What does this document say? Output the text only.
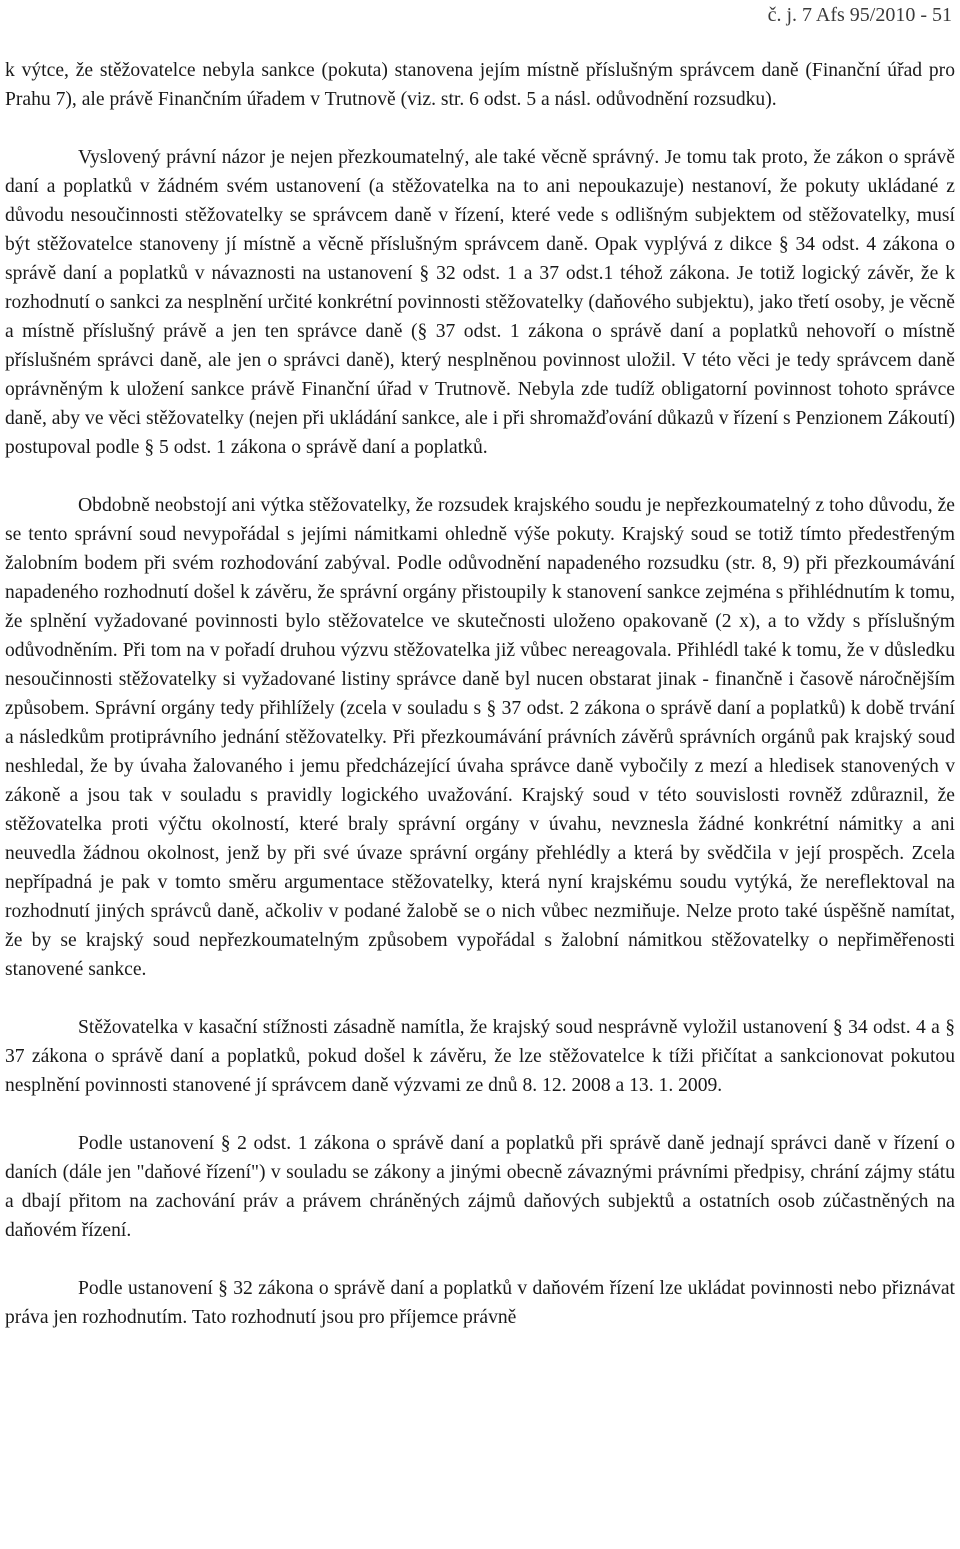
č. j. 7 Afs 95/2010 - 51

k výtce, že stěžovatelce nebyla sankce (pokuta) stanovena jejím místně příslušným správcem daně (Finanční úřad pro Prahu 7), ale právě Finančním úřadem v Trutnově (viz. str. 6 odst. 5 a násl. odůvodnění rozsudku).

Vyslovený právní názor je nejen přezkoumatelný, ale také věcně správný. Je tomu tak proto, že zákon o správě daní a poplatků v žádném svém ustanovení (a stěžovatelka na to ani nepoukazuje) nestanoví, že pokuty ukládané z důvodu nesoučinnosti stěžovatelky se správcem daně v řízení, které vede s odlišným subjektem od stěžovatelky, musí být stěžovatelce stanoveny jí místně a věcně příslušným správcem daně. Opak vyplývá z dikce § 34 odst. 4 zákona o správě daní a poplatků v návaznosti na ustanovení § 32 odst. 1 a 37 odst.1 téhož zákona. Je totiž logický závěr, že k rozhodnutí o sankci za nesplnění určité konkrétní povinnosti stěžovatelky (daňového subjektu), jako třetí osoby, je věcně a místně příslušný právě a jen ten správce daně (§ 37 odst. 1 zákona o správě daní a poplatků nehovoří o místně příslušném správci daně, ale jen o správci daně), který nesplněnou povinnost uložil. V této věci je tedy správcem daně oprávněným k uložení sankce právě Finanční úřad v Trutnově. Nebyla zde tudíž obligatorní povinnost tohoto správce daně, aby ve věci stěžovatelky (nejen při ukládání sankce, ale i při shromažďování důkazů v řízení s Penzionem Zákoutí) postupoval podle § 5 odst. 1 zákona o správě daní a poplatků.

Obdobně neobstojí ani výtka stěžovatelky, že rozsudek krajského soudu je nepřezkoumatelný z toho důvodu, že se tento správní soud nevypořádal s jejími námitkami ohledně výše pokuty. Krajský soud se totiž tímto předestřeným žalobním bodem při svém rozhodování zabýval. Podle odůvodnění napadeného rozsudku (str. 8, 9) při přezkoumávání napadeného rozhodnutí došel k závěru, že správní orgány přistoupily k stanovení sankce zejména s přihlédnutím k tomu, že splnění vyžadované povinnosti bylo stěžovatelce ve skutečnosti uloženo opakovaně (2 x), a to vždy s příslušným odůvodněním. Při tom na v pořadí druhou výzvu stěžovatelka již vůbec nereagovala. Přihlédl také k tomu, že v důsledku nesoučinnosti stěžovatelky si vyžadované listiny správce daně byl nucen obstarat jinak - finančně i časově náročnějším způsobem. Správní orgány tedy přihlížely (zcela v souladu s § 37 odst. 2 zákona o správě daní a poplatků) k době trvání a následkům protiprávního jednání stěžovatelky. Při přezkoumávání právních závěrů správních orgánů pak krajský soud neshledal, že by úvaha žalovaného i jemu předcházející úvaha správce daně vybočily z mezí a hledisek stanovených v zákoně a jsou tak v souladu s pravidly logického uvažování. Krajský soud v této souvislosti rovněž zdůraznil, že stěžovatelka proti výčtu okolností, které braly správní orgány v úvahu, nevznesla žádné konkrétní námitky a ani neuvedla žádnou okolnost, jenž by při své úvaze správní orgány přehlédly a která by svědčila v její prospěch. Zcela nepřípadná je pak v tomto směru argumentace stěžovatelky, která nyní krajskému soudu vytýká, že nereflektoval na rozhodnutí jiných správců daně, ačkoliv v podané žalobě se o nich vůbec nezmiňuje. Nelze proto také úspěšně namítat, že by se krajský soud nepřezkoumatelným způsobem vypořádal s žalobní námitkou stěžovatelky o nepřiměřenosti stanovené sankce.

Stěžovatelka v kasační stížnosti zásadně namítla, že krajský soud nesprávně vyložil ustanovení § 34 odst. 4 a § 37 zákona o správě daní a poplatků, pokud došel k závěru, že lze stěžovatelce k tíži přičítat a sankcionovat pokutou nesplnění povinnosti stanovené jí správcem daně výzvami ze dnů 8. 12. 2008 a 13. 1. 2009.

Podle ustanovení § 2 odst. 1 zákona o správě daní a poplatků při správě daně jednají správci daně v řízení o daních (dále jen "daňové řízení") v souladu se zákony a jinými obecně závaznými právními předpisy, chrání zájmy státu a dbají přitom na zachování práv a právem chráněných zájmů daňových subjektů a ostatních osob zúčastněných na daňovém řízení.

Podle ustanovení § 32 zákona o správě daní a poplatků v daňovém řízení lze ukládat povinnosti nebo přiznávat práva jen rozhodnutím. Tato rozhodnutí jsou pro příjemce právně
